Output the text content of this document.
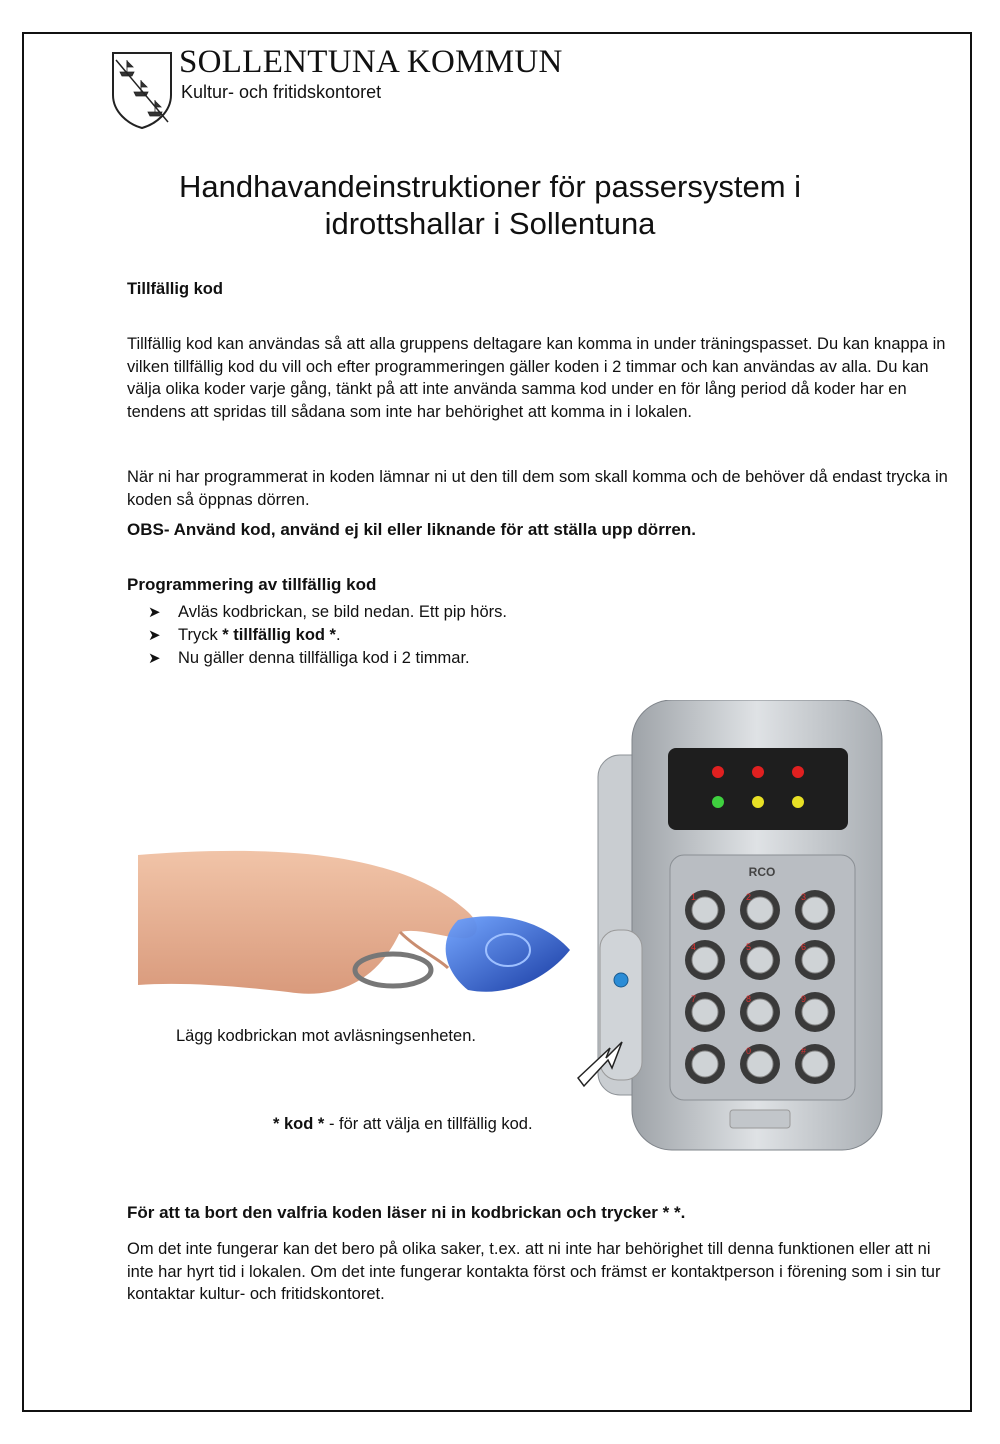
SOLLENTUNA KOMMUN
Kultur- och fritidskontoret
Handhavandeinstruktioner för passersystem i
idrottshallar i Sollentuna

Tillfällig kod

Tillfällig kod kan användas så att alla gruppens deltagare kan komma in under träningspasset. Du kan knappa in vilken tillfällig kod du vill och efter programmeringen gäller koden i 2 timmar och kan användas av alla. Du kan välja olika koder varje gång, tänkt på att inte använda samma kod under en för lång period då koder har en tendens att spridas till sådana som inte har behörighet att komma in i lokalen.

När ni har programmerat in koden lämnar ni ut den till dem som skall komma och de behöver då endast trycka in koden så öppnas dörren.

OBS- Använd kod, använd ej kil eller liknande för att ställa upp dörren.

Programmering av tillfällig kod

➤ Avläs kodbrickan, se bild nedan. Ett pip hörs.
➤ Tryck * tillfällig kod *.
➤ Nu gäller denna tillfälliga kod i 2 timmar.
RCO
1	2	3
4	5	6
7	8	9
*	0	#
Lägg kodbrickan mot avläsningsenheten.
* kod * - för att välja en tillfällig kod.

För att ta bort den valfria koden läser ni in kodbrickan och trycker * *.

Om det inte fungerar kan det bero på olika saker, t.ex. att ni inte har behörighet till denna funktionen eller att ni inte har hyrt tid i lokalen. Om det inte fungerar kontakta först och främst er kontaktperson i förening som i sin tur kontaktar kultur- och fritidskontoret.
